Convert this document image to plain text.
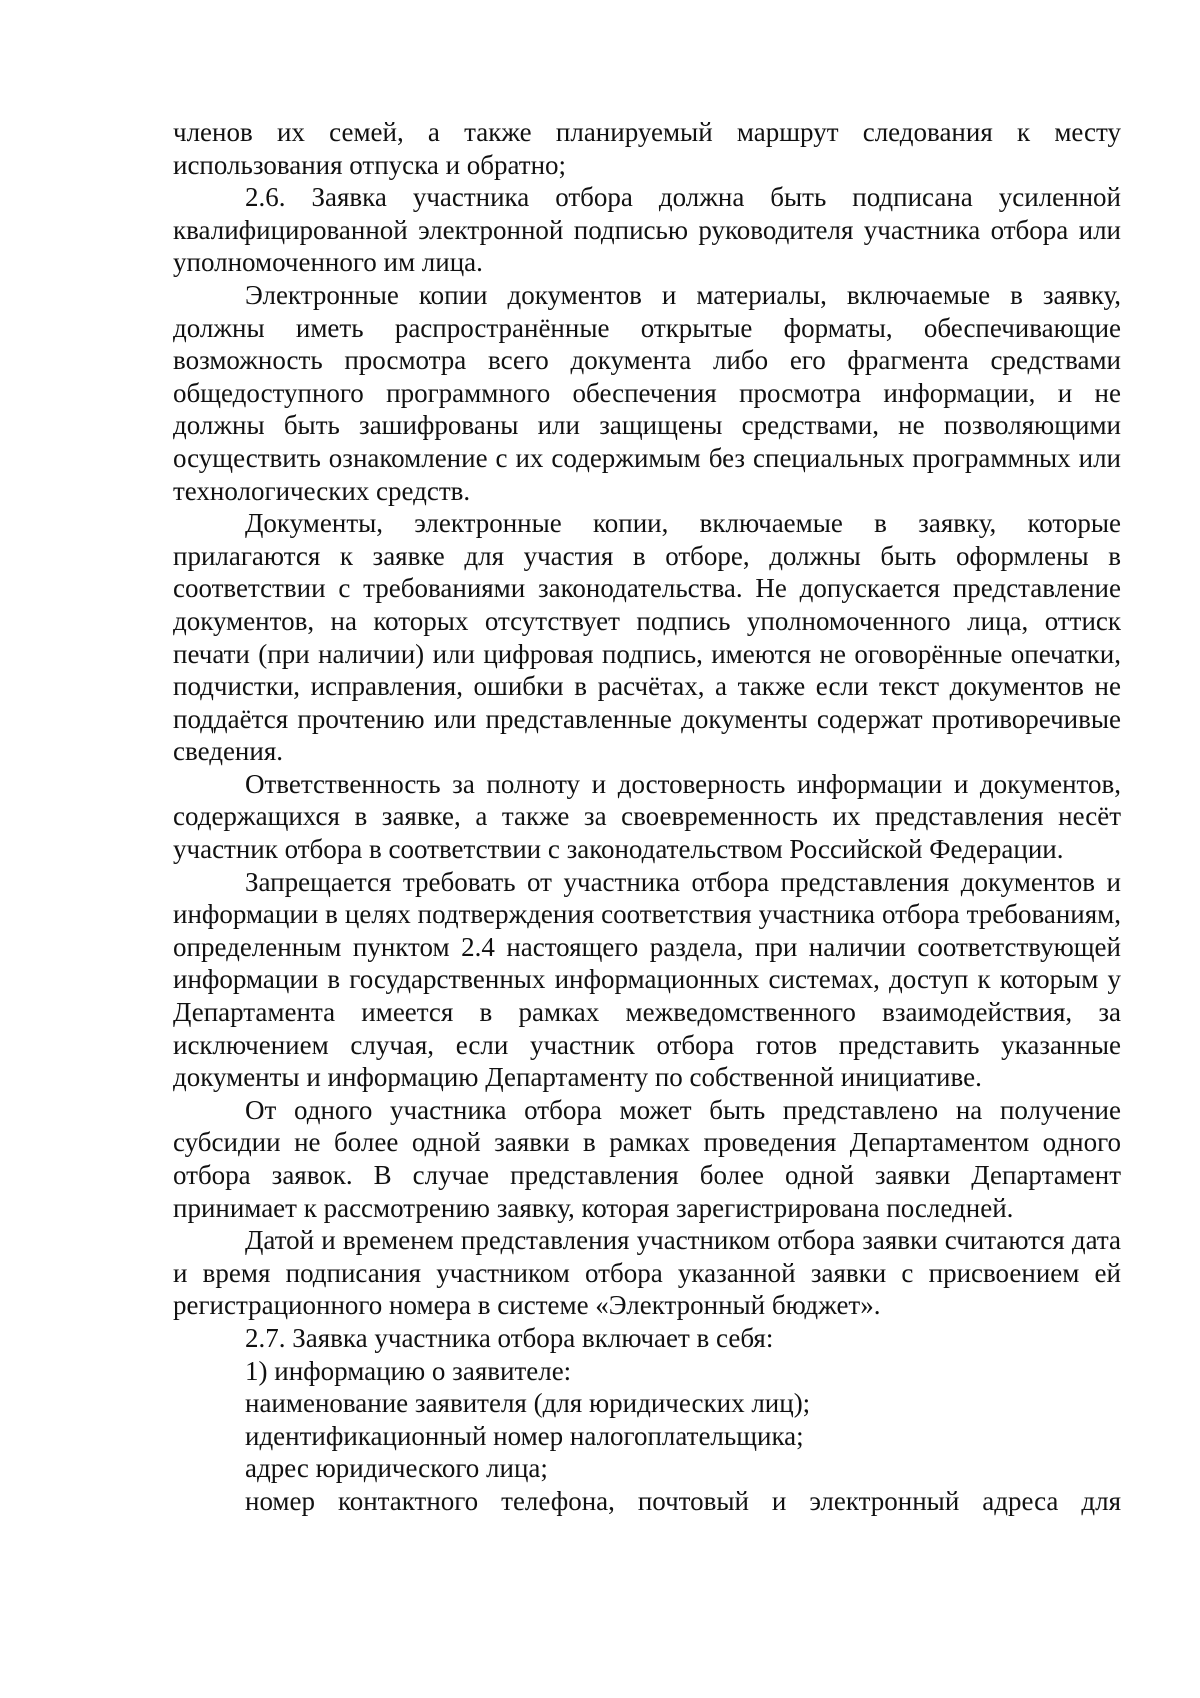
членов их семей, а также планируемый маршрут следования к месту использования отпуска и обратно;

2.6. Заявка участника отбора должна быть подписана усиленной квалифицированной электронной подписью руководителя участника отбора или уполномоченного им лица.

Электронные копии документов и материалы, включаемые в заявку, должны иметь распространённые открытые форматы, обеспечивающие возможность просмотра всего документа либо его фрагмента средствами общедоступного программного обеспечения просмотра информации, и не должны быть зашифрованы или защищены средствами, не позволяющими осуществить ознакомление с их содержимым без специальных программных или технологических средств.

Документы, электронные копии, включаемые в заявку, которые прилагаются к заявке для участия в отборе, должны быть оформлены в соответствии с требованиями законодательства. Не допускается представление документов, на которых отсутствует подпись уполномоченного лица, оттиск печати (при наличии) или цифровая подпись, имеются не оговорённые опечатки, подчистки, исправления, ошибки в расчётах, а также если текст документов не поддаётся прочтению или представленные документы содержат противоречивые сведения.

Ответственность за полноту и достоверность информации и документов, содержащихся в заявке, а также за своевременность их представления несёт участник отбора в соответствии с законодательством Российской Федерации.

Запрещается требовать от участника отбора представления документов и информации в целях подтверждения соответствия участника отбора требованиям, определенным пунктом 2.4 настоящего раздела, при наличии соответствующей информации в государственных информационных системах, доступ к которым у Департамента имеется в рамках межведомственного взаимодействия, за исключением случая, если участник отбора готов представить указанные документы и информацию Департаменту по собственной инициативе.

От одного участника отбора может быть представлено на получение субсидии не более одной заявки в рамках проведения Департаментом одного отбора заявок. В случае представления более одной заявки Департамент принимает к рассмотрению заявку, которая зарегистрирована последней.

Датой и временем представления участником отбора заявки считаются дата и время подписания участником отбора указанной заявки с присвоением ей регистрационного номера в системе «Электронный бюджет».

2.7. Заявка участника отбора включает в себя:

1) информацию о заявителе:

наименование заявителя (для юридических лиц);

идентификационный номер налогоплательщика;

адрес юридического лица;

номер контактного телефона, почтовый и электронный адреса для
